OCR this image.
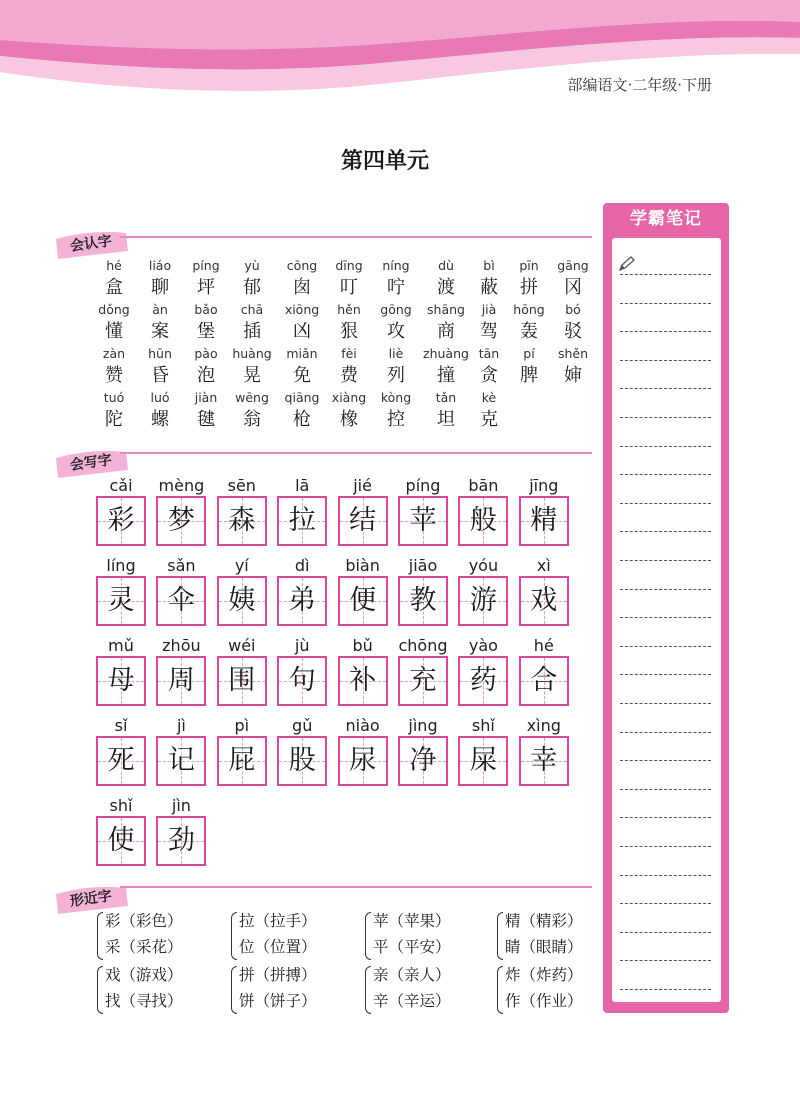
部编语文·二年级·下册
第四单元
会认字
hé
盒
liáo
聊
píng
坪
yù
郁
cōng
囱
dīng
叮
níng
咛
dù
渡
bì
蔽
pīn
拼
gāng
冈
dǒng
懂
àn
案
bǎo
堡
chā
插
xiōng
凶
hěn
狠
gōng
攻
shāng
商
jià
驾
hōng
轰
bó
驳
zàn
赞
hūn
昏
pào
泡
huàng
晃
miǎn
免
fèi
费
liè
列
zhuàng
撞
tān
贪
pí
脾
shěn
婶
tuó
陀
luó
螺
jiàn
毽
wēng
翁
qiāng
枪
xiàng
橡
kòng
控
tǎn
坦
kè
克
会写字
cǎi
彩
mèng
梦
sēn
森
lā
拉
jié
结
píng
苹
bān
般
jīng
精
líng
灵
sǎn
伞
yí
姨
dì
弟
biàn
便
jiāo
教
yóu
游
xì
戏
mǔ
母
zhōu
周
wéi
围
jù
句
bǔ
补
chōng
充
yào
药
hé
合
sǐ
死
jì
记
pì
屁
gǔ
股
niào
尿
jìng
净
shǐ
屎
xìng
幸
shǐ
使
jìn
劲
形近字
彩（彩色）
采（采花）
拉（拉手）
位（位置）
苹（苹果）
平（平安）
精（精彩）
睛（眼睛）
戏（游戏）
找（寻找）
拼（拼搏）
饼（饼子）
亲（亲人）
辛（辛运）
炸（炸药）
作（作业）
学霸笔记
